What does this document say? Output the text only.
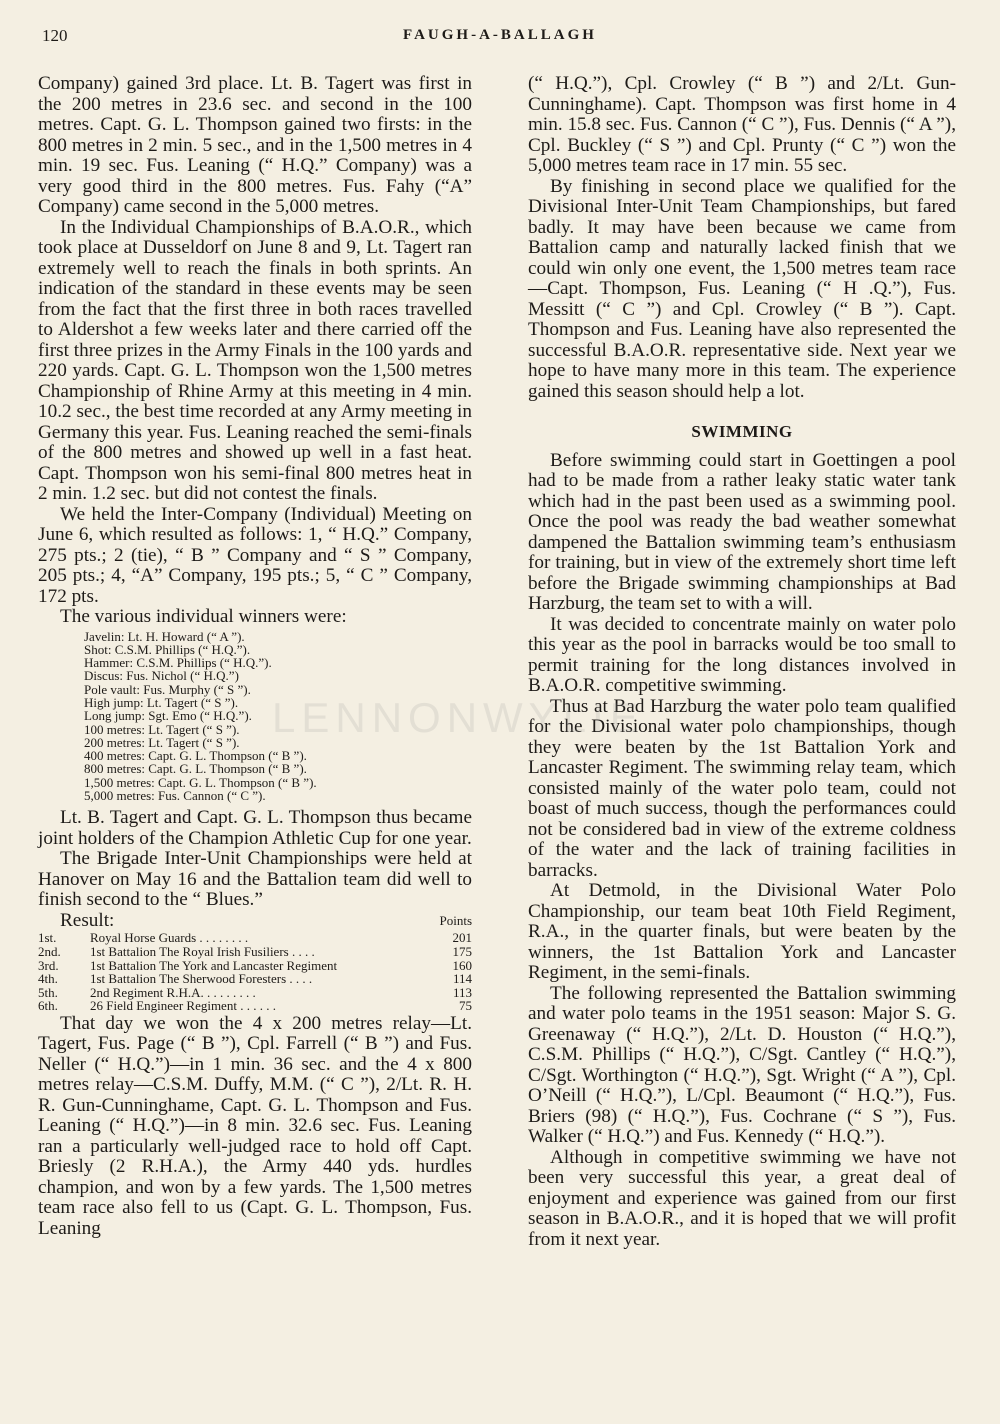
120	FAUGH-A-BALLAGH

Company) gained 3rd place. Lt. B. Tagert was first in the 200 metres in 23.6 sec. and second in the 100 metres. Capt. G. L. Thompson gained two firsts: in the 800 metres in 2 min. 5 sec., and in the 1,500 metres in 4 min. 19 sec. Fus. Leaning (“ H.Q.” Company) was a very good third in the 800 metres. Fus. Fahy (“A” Company) came second in the 5,000 metres.

In the Individual Championships of B.A.O.R., which took place at Dusseldorf on June 8 and 9, Lt. Tagert ran extremely well to reach the finals in both sprints. An indication of the standard in these events may be seen from the fact that the first three in both races travelled to Aldershot a few weeks later and there carried off the first three prizes in the Army Finals in the 100 yards and 220 yards. Capt. G. L. Thompson won the 1,500 metres Championship of Rhine Army at this meeting in 4 min. 10.2 sec., the best time recorded at any Army meeting in Germany this year. Fus. Leaning reached the semi-finals of the 800 metres and showed up well in a fast heat. Capt. Thompson won his semi-final 800 metres heat in 2 min. 1.2 sec. but did not contest the finals.

We held the Inter-Company (Individual) Meeting on June 6, which resulted as follows: 1, “ H.Q.” Company, 275 pts.; 2 (tie), “ B ” Company and “ S ” Company, 205 pts.; 4, “A” Company, 195 pts.; 5, “ C ” Company, 172 pts.

The various individual winners were:

Javelin: Lt. H. Howard (“ A ”).
Shot: C.S.M. Phillips (“ H.Q.”).
Hammer: C.S.M. Phillips (“ H.Q.”).
Discus: Fus. Nichol (“ H.Q.”)
Pole vault: Fus. Murphy (“ S ”).
High jump: Lt. Tagert (“ S ”).
Long jump: Sgt. Emo (“ H.Q.”).
100 metres: Lt. Tagert (“ S ”).
200 metres: Lt. Tagert (“ S ”).
400 metres: Capt. G. L. Thompson (“ B ”).
800 metres: Capt. G. L. Thompson (“ B ”).
1,500 metres: Capt. G. L. Thompson (“ B ”).
5,000 metres: Fus. Cannon (“ C ”).

Lt. B. Tagert and Capt. G. L. Thompson thus became joint holders of the Champion Athletic Cup for one year.

The Brigade Inter-Unit Championships were held at Hanover on May 16 and the Battalion team did well to finish second to the “ Blues.”

Result:	Points
1st.	Royal Horse Guards . . . . . . . .	201
2nd.	1st Battalion The Royal Irish Fusiliers . . . .	175
3rd.	1st Battalion The York and Lancaster Regiment	160
4th.	1st Battalion The Sherwood Foresters . . . .	114
5th.	2nd Regiment R.H.A. . . . . . . . .	113
6th.	26 Field Engineer Regiment . . . . . .	75

That day we won the 4 x 200 metres relay—Lt. Tagert, Fus. Page (“ B ”), Cpl. Farrell (“ B ”) and Fus. Neller (“ H.Q.”)—in 1 min. 36 sec. and the 4 x 800 metres relay—C.S.M. Duffy, M.M. (“ C ”), 2/Lt. R. H. R. Gun-Cunninghame, Capt. G. L. Thompson and Fus. Leaning (“ H.Q.”)—in 8 min. 32.6 sec. Fus. Leaning ran a particularly well-judged race to hold off Capt. Briesly (2 R.H.A.), the Army 440 yds. hurdles champion, and won by a few yards. The 1,500 metres team race also fell to us (Capt. G. L. Thompson, Fus. Leaning

(“ H.Q.”), Cpl. Crowley (“ B ”) and 2/Lt. Gun-Cunninghame). Capt. Thompson was first home in 4 min. 15.8 sec. Fus. Cannon (“ C ”), Fus. Dennis (“ A ”), Cpl. Buckley (“ S ”) and Cpl. Prunty (“ C ”) won the 5,000 metres team race in 17 min. 55 sec.

By finishing in second place we qualified for the Divisional Inter-Unit Team Championships, but fared badly. It may have been because we came from Battalion camp and naturally lacked finish that we could win only one event, the 1,500 metres team race—Capt. Thompson, Fus. Leaning (“ H .Q.”), Fus. Messitt (“ C ”) and Cpl. Crowley (“ B ”). Capt. Thompson and Fus. Leaning have also represented the successful B.A.O.R. representative side. Next year we hope to have many more in this team. The experience gained this season should help a lot.

SWIMMING

Before swimming could start in Goettingen a pool had to be made from a rather leaky static water tank which had in the past been used as a swimming pool. Once the pool was ready the bad weather somewhat dampened the Battalion swimming team’s enthusiasm for training, but in view of the extremely short time left before the Brigade swimming championships at Bad Harzburg, the team set to with a will.

It was decided to concentrate mainly on water polo this year as the pool in barracks would be too small to permit training for the long distances involved in B.A.O.R. competitive swimming.

Thus at Bad Harzburg the water polo team qualified for the Divisional water polo championships, though they were beaten by the 1st Battalion York and Lancaster Regiment. The swimming relay team, which consisted mainly of the water polo team, could not boast of much success, though the performances could not be considered bad in view of the extreme coldness of the water and the lack of training facilities in barracks.

At Detmold, in the Divisional Water Polo Championship, our team beat 10th Field Regiment, R.A., in the quarter finals, but were beaten by the winners, the 1st Battalion York and Lancaster Regiment, in the semi-finals.

The following represented the Battalion swimming and water polo teams in the 1951 season: Major S. G. Greenaway (“ H.Q.”), 2/Lt. D. Houston (“ H.Q.”), C.S.M. Phillips (“ H.Q.”), C/Sgt. Cantley (“ H.Q.”), C/Sgt. Worthington (“ H.Q.”), Sgt. Wright (“ A ”), Cpl. O’Neill (“ H.Q.”), L/Cpl. Beaumont (“ H.Q.”), Fus. Briers (98) (“ H.Q.”), Fus. Cochrane (“ S ”), Fus. Walker (“ H.Q.”) and Fus. Kennedy (“ H.Q.”).

Although in competitive swimming we have not been very successful this year, a great deal of enjoyment and experience was gained from our first season in B.A.O.R., and it is hoped that we will profit from it next year.

LENNONWYLIE
